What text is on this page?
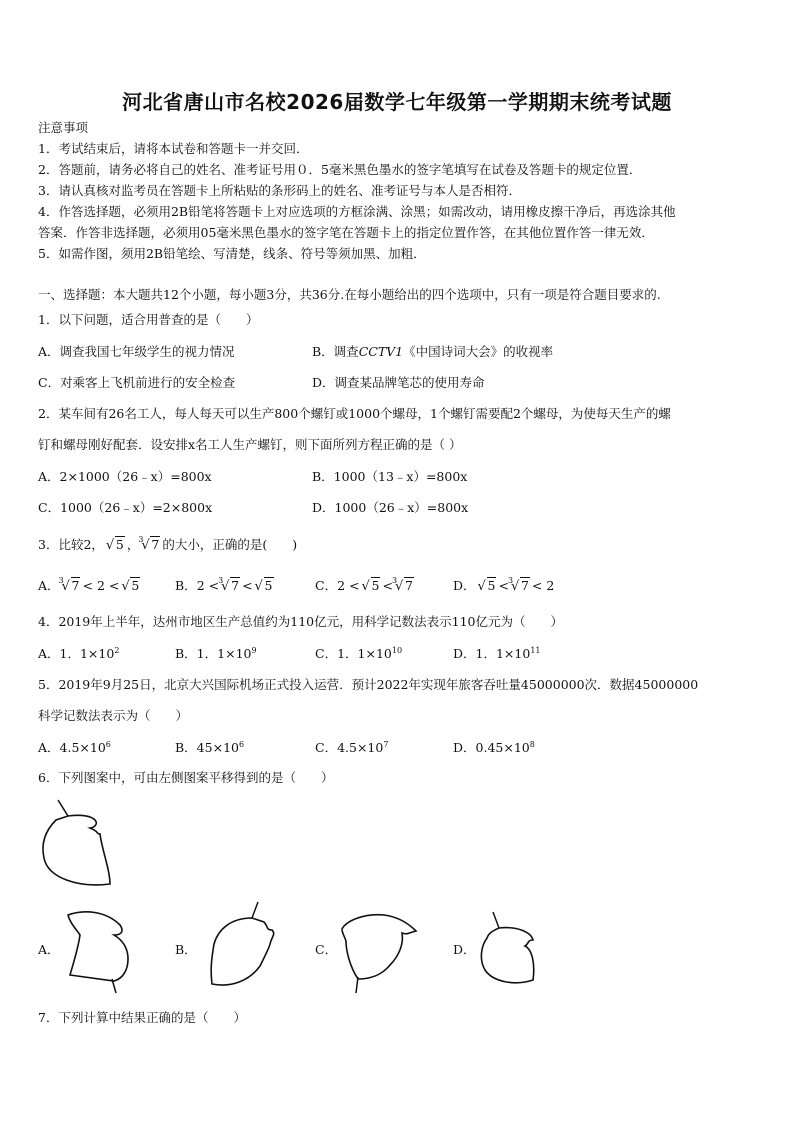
河北省唐山市名校2026届数学七年级第一学期期末统考试题
注意事项
1．考试结束后，请将本试卷和答题卡一并交回．
2．答题前，请务必将自己的姓名、准考证号用０．5毫米黑色墨水的签字笔填写在试卷及答题卡的规定位置．
3．请认真核对监考员在答题卡上所粘贴的条形码上的姓名、准考证号与本人是否相符．
4．作答选择题，必须用2B铅笔将答题卡上对应选项的方框涂满、涂黑；如需改动，请用橡皮擦干净后，再选涂其他
答案．作答非选择题，必须用05毫米黑色墨水的签字笔在答题卡上的指定位置作答，在其他位置作答一律无效．
5．如需作图，须用2B铅笔绘、写清楚，线条、符号等须加黑、加粗．
一、选择题：本大题共12个小题，每小题3分，共36分.在每小题给出的四个选项中，只有一项是符合题目要求的.
1．以下问题，适合用普查的是（　　）
A．调查我国七年级学生的视力情况	B．调查CCTV1《中国诗词大会》的收视率
C．对乘客上飞机前进行的安全检查	D．调查某品牌笔芯的使用寿命
2．某车间有26名工人，每人每天可以生产800个螺钉或1000个螺母，1个螺钉需要配2个螺母，为使每天生产的螺
钉和螺母刚好配套．设安排x名工人生产螺钉，则下面所列方程正确的是（ ）
A．2×1000（26﹣x）=800x	B．1000（13﹣x）=800x
C．1000（26﹣x）=2×800x	D．1000（26﹣x）=800x
3．比较2， √ 5 ， 3
√ 7 的大小，正确的是(　　)
A． 3
√ 7 < 2 < √ 5	B．2 < 3
√ 7 < √ 5	C．2 < √ 5 < 3
√ 7	D． √ 5 < 3
√ 7 < 2
4．2019年上半年，达州市地区生产总值约为110亿元，用科学记数法表示110亿元为（　　）
A．1．$1\times 10^2$	B．1．$1\times 10^9$	C．1．$1\times 10^{10}$	D．1．$1\times 10^{11}$
5．2019年9月25日，北京大兴国际机场正式投入运营．预计2022年实现年旅客吞吐量45000000次．数据45000000
科学记数法表示为（　　）
A．$4.5\times 10^6$	B．$45\times 10^6$	C．$4.5\times 10^7$	D．$0.45\times 10^8$
6．下列图案中，可由左侧图案平移得到的是（　　）
A．	B．	C．	D．
7．下列计算中结果正确的是（　　）
